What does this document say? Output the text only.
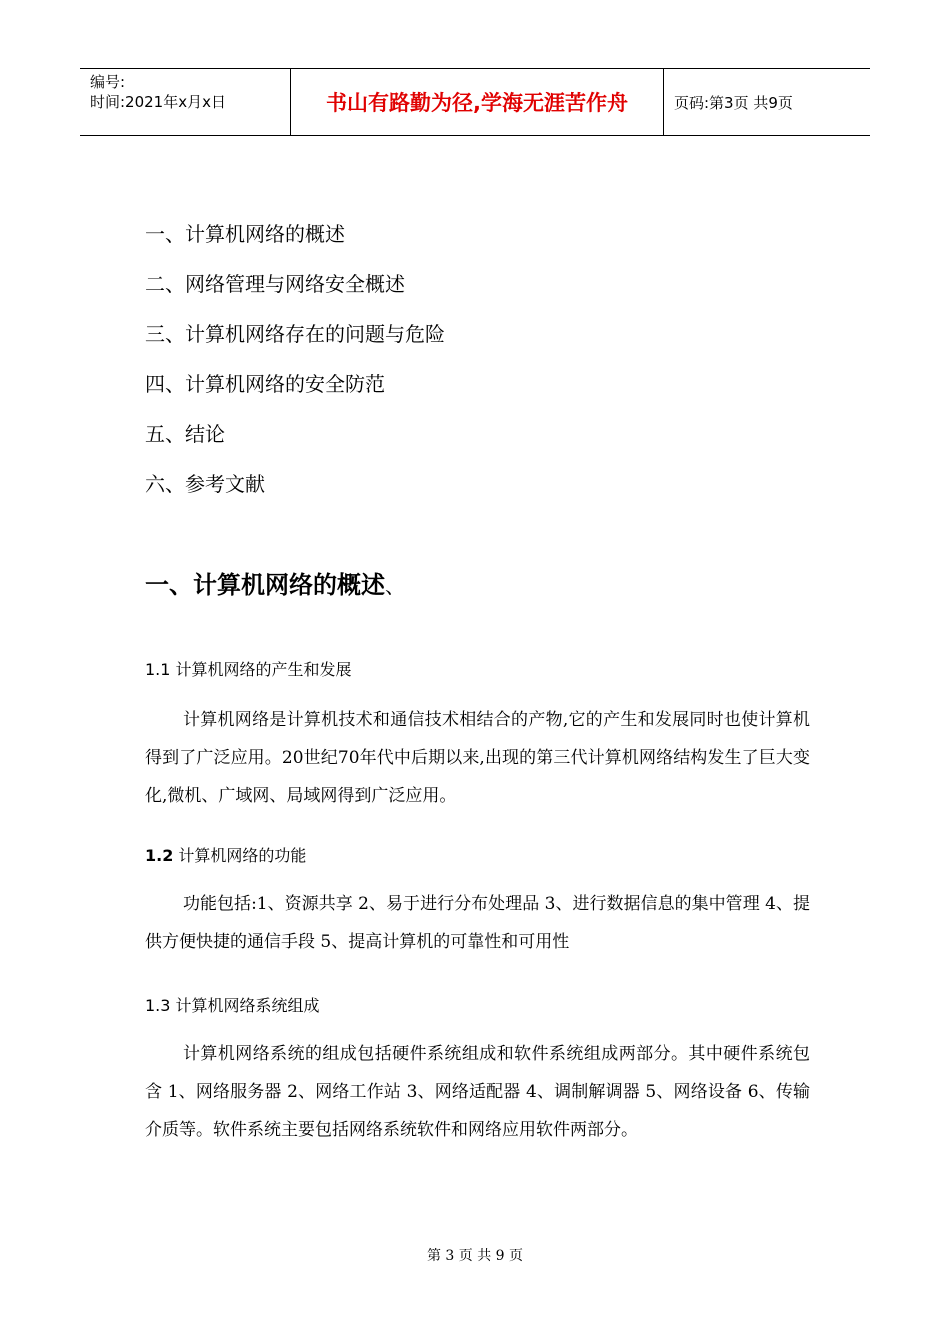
编号:
时间:2021年x月x日	书山有路勤为径,学海无涯苦作舟	页码:第3页 共9页
一、计算机网络的概述
二、网络管理与网络安全概述
三、计算机网络存在的问题与危险
四、计算机网络的安全防范
五、结论
六、参考文献
一、计算机网络的概述、
1.1 计算机网络的产生和发展
计算机网络是计算机技术和通信技术相结合的产物,它的产生和发展同时也使计算机得到了广泛应用。20世纪70年代中后期以来,出现的第三代计算机网络结构发生了巨大变化,微机、广域网、局域网得到广泛应用。
1.2 计算机网络的功能
功能包括:1、资源共享 2、易于进行分布处理品 3、进行数据信息的集中管理 4、提供方便快捷的通信手段 5、提高计算机的可靠性和可用性
1.3 计算机网络系统组成
计算机网络系统的组成包括硬件系统组成和软件系统组成两部分。其中硬件系统包含 1、网络服务器 2、网络工作站 3、网络适配器 4、调制解调器 5、网络设备 6、传输介质等。软件系统主要包括网络系统软件和网络应用软件两部分。
第 3 页 共 9 页
